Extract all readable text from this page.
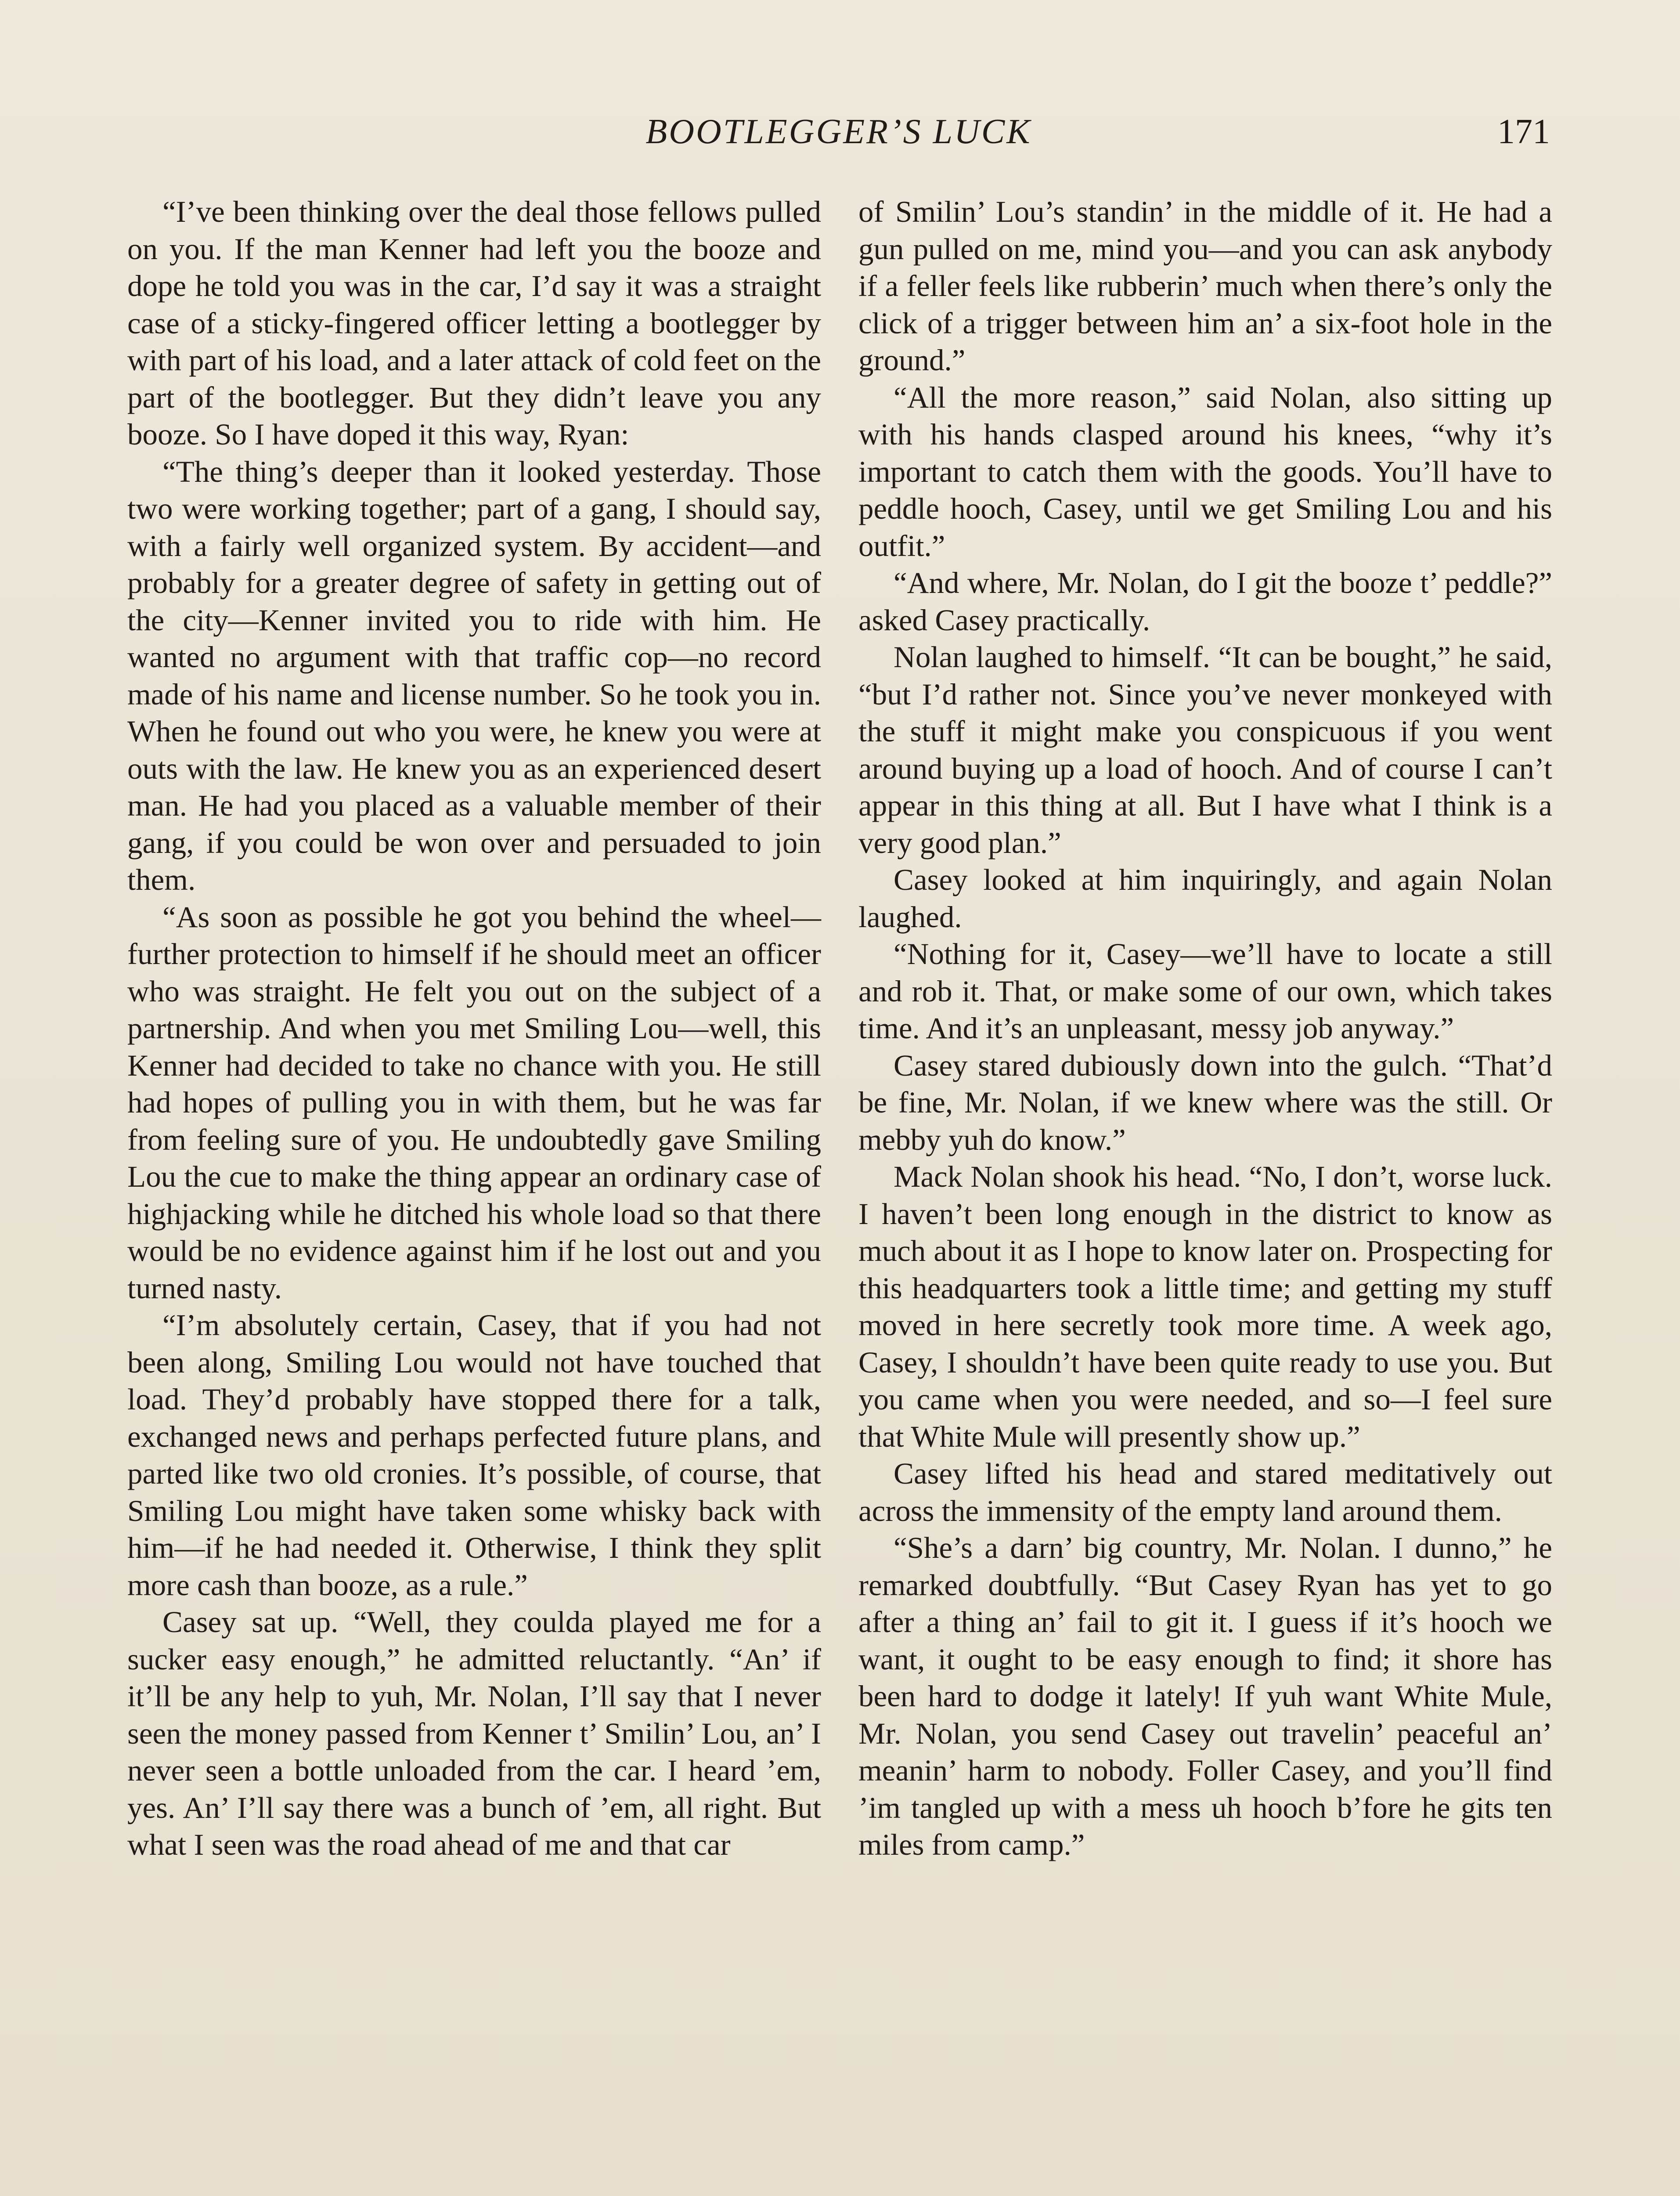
BOOTLEGGER’S LUCK	171

“I’ve been thinking over the deal those fellows pulled on you. If the man Kenner had left you the booze and dope he told you was in the car, I’d say it was a straight case of a sticky-fingered officer letting a bootlegger by with part of his load, and a later attack of cold feet on the part of the bootlegger. But they didn’t leave you any booze. So I have doped it this way, Ryan:

“The thing’s deeper than it looked yesterday. Those two were working together; part of a gang, I should say, with a fairly well organized system. By accident—and probably for a greater degree of safety in getting out of the city—Kenner invited you to ride with him. He wanted no argument with that traffic cop—no record made of his name and license number. So he took you in. When he found out who you were, he knew you were at outs with the law. He knew you as an experienced desert man. He had you placed as a valuable member of their gang, if you could be won over and persuaded to join them.

“As soon as possible he got you behind the wheel—further protection to himself if he should meet an officer who was straight. He felt you out on the subject of a partnership. And when you met Smiling Lou—well, this Kenner had decided to take no chance with you. He still had hopes of pulling you in with them, but he was far from feeling sure of you. He undoubtedly gave Smiling Lou the cue to make the thing appear an ordinary case of highjacking while he ditched his whole load so that there would be no evidence against him if he lost out and you turned nasty.

“I’m absolutely certain, Casey, that if you had not been along, Smiling Lou would not have touched that load. They’d probably have stopped there for a talk, exchanged news and perhaps perfected future plans, and parted like two old cronies. It’s possible, of course, that Smiling Lou might have taken some whisky back with him—if he had needed it. Otherwise, I think they split more cash than booze, as a rule.”

Casey sat up. “Well, they coulda played me for a sucker easy enough,” he admitted reluctantly. “An’ if it’ll be any help to yuh, Mr. Nolan, I’ll say that I never seen the money passed from Kenner t’ Smilin’ Lou, an’ I never seen a bottle unloaded from the car. I heard ’em, yes. An’ I’ll say there was a bunch of ’em, all right. But what I seen was the road ahead of me and that car

of Smilin’ Lou’s standin’ in the middle of it. He had a gun pulled on me, mind you—and you can ask anybody if a feller feels like rubberin’ much when there’s only the click of a trigger between him an’ a six-foot hole in the ground.”

“All the more reason,” said Nolan, also sitting up with his hands clasped around his knees, “why it’s important to catch them with the goods. You’ll have to peddle hooch, Casey, until we get Smiling Lou and his outfit.”

“And where, Mr. Nolan, do I git the booze t’ peddle?” asked Casey practically.

Nolan laughed to himself. “It can be bought,” he said, “but I’d rather not. Since you’ve never monkeyed with the stuff it might make you conspicuous if you went around buying up a load of hooch. And of course I can’t appear in this thing at all. But I have what I think is a very good plan.”

Casey looked at him inquiringly, and again Nolan laughed.

“Nothing for it, Casey—we’ll have to locate a still and rob it. That, or make some of our own, which takes time. And it’s an unpleasant, messy job anyway.”

Casey stared dubiously down into the gulch. “That’d be fine, Mr. Nolan, if we knew where was the still. Or mebby yuh do know.”

Mack Nolan shook his head. “No, I don’t, worse luck. I haven’t been long enough in the district to know as much about it as I hope to know later on. Prospecting for this headquarters took a little time; and getting my stuff moved in here secretly took more time. A week ago, Casey, I shouldn’t have been quite ready to use you. But you came when you were needed, and so—I feel sure that White Mule will presently show up.”

Casey lifted his head and stared meditatively out across the immensity of the empty land around them.

“She’s a darn’ big country, Mr. Nolan. I dunno,” he remarked doubtfully. “But Casey Ryan has yet to go after a thing an’ fail to git it. I guess if it’s hooch we want, it ought to be easy enough to find; it shore has been hard to dodge it lately! If yuh want White Mule, Mr. Nolan, you send Casey out travelin’ peaceful an’ meanin’ harm to nobody. Foller Casey, and you’ll find ’im tangled up with a mess uh hooch b’fore he gits ten miles from camp.”
